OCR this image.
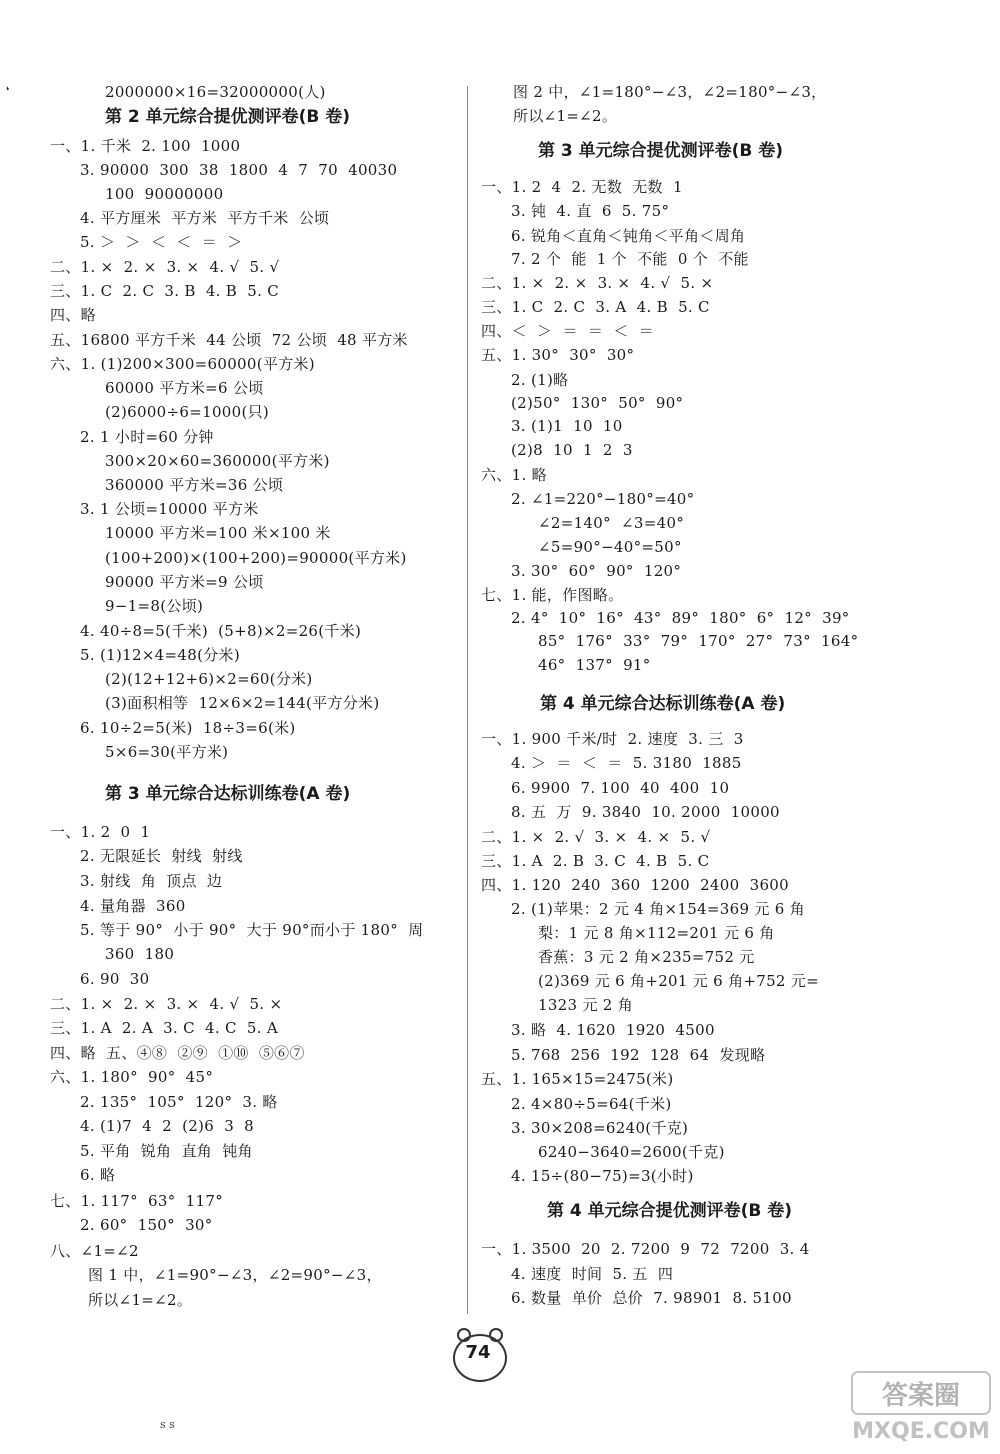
❛	2000000×16=32000000(人)
第 2 单元综合提优测评卷(B 卷)
一、1. 千米  2. 100  1000
3. 90000  300  38  1800  4  7  70  40030
100  90000000
4. 平方厘米  平方米  平方千米  公顷
5. ＞  ＞  ＜  ＜  ＝  ＞
二、1. ×  2. ×  3. ×  4. √  5. √
三、1. C  2. C  3. B  4. B  5. C
四、略
五、16800 平方千米  44 公顷  72 公顷  48 平方米
六、1. (1)200×300=60000(平方米)
60000 平方米=6 公顷
(2)6000÷6=1000(只)
2. 1 小时=60 分钟
300×20×60=360000(平方米)
360000 平方米=36 公顷
3. 1 公顷=10000 平方米
10000 平方米=100 米×100 米
(100+200)×(100+200)=90000(平方米)
90000 平方米=9 公顷
9−1=8(公顷)
4. 40÷8=5(千米)  (5+8)×2=26(千米)
5. (1)12×4=48(分米)
(2)(12+12+6)×2=60(分米)
(3)面积相等  12×6×2=144(平方分米)
6. 10÷2=5(米)  18÷3=6(米)
5×6=30(平方米)
第 3 单元综合达标训练卷(A 卷)
一、1. 2  0  1
2. 无限延长  射线  射线
3. 射线  角  顶点  边
4. 量角器  360
5. 等于 90°  小于 90°  大于 90°而小于 180°  周
360  180
6. 90  30
二、1. ×  2. ×  3. ×  4. √  5. ×
三、1. A  2. A  3. C  4. C  5. A
四、略  五、④⑧  ②⑨  ①⑩  ⑤⑥⑦
六、1. 180°  90°  45°
2. 135°  105°  120°  3. 略
4. (1)7  4  2  (2)6  3  8
5. 平角  锐角  直角  钝角
6. 略
七、1. 117°  63°  117°
2. 60°  150°  30°
八、∠1=∠2
图 1 中，∠1=90°−∠3，∠2=90°−∠3，
所以∠1=∠2。
图 2 中，∠1=180°−∠3，∠2=180°−∠3，
所以∠1=∠2。
第 3 单元综合提优测评卷(B 卷)
一、1. 2  4  2. 无数  无数  1
3. 钝  4. 直  6  5. 75°
6. 锐角＜直角＜钝角＜平角＜周角
7. 2 个  能  1 个  不能  0 个  不能
二、1. ×  2. ×  3. ×  4. √  5. ×
三、1. C  2. C  3. A  4. B  5. C
四、＜  ＞  ＝  ＝  ＜  ＝
五、1. 30°  30°  30°
2. (1)略
(2)50°  130°  50°  90°
3. (1)1  10  10
(2)8  10  1  2  3
六、1. 略
2. ∠1=220°−180°=40°
∠2=140°  ∠3=40°
∠5=90°−40°=50°
3. 30°  60°  90°  120°
七、1. 能，作图略。
2. 4°  10°  16°  43°  89°  180°  6°  12°  39°
85°  176°  33°  79°  170°  27°  73°  164°
46°  137°  91°
第 4 单元综合达标训练卷(A 卷)
一、1. 900 千米/时  2. 速度  3. 三  3
4. ＞  ＝  ＜  ＝  5. 3180  1885
6. 9900  7. 100  40  400  10
8. 五  万  9. 3840  10. 2000  10000
二、1. ×  2. √  3. ×  4. ×  5. √
三、1. A  2. B  3. C  4. B  5. C
四、1. 120  240  360  1200  2400  3600
2. (1)苹果：2 元 4 角×154=369 元 6 角
梨：1 元 8 角×112=201 元 6 角
香蕉：3 元 2 角×235=752 元
(2)369 元 6 角+201 元 6 角+752 元=
1323 元 2 角
3. 略  4. 1620  1920  4500
5. 768  256  192  128  64  发现略
五、1. 165×15=2475(米)
2. 4×80÷5=64(千米)
3. 30×208=6240(千克)
6240−3640=2600(千克)
4. 15÷(80−75)=3(小时)
第 4 单元综合提优测评卷(B 卷)
一、1. 3500  20  2. 7200  9  72  7200  3. 4
4. 速度  时间  5. 五  四
6. 数量  单价  总价  7. 98901  8. 5100
74
答案圈
MXQE.COM
ꜱ ꜱ
